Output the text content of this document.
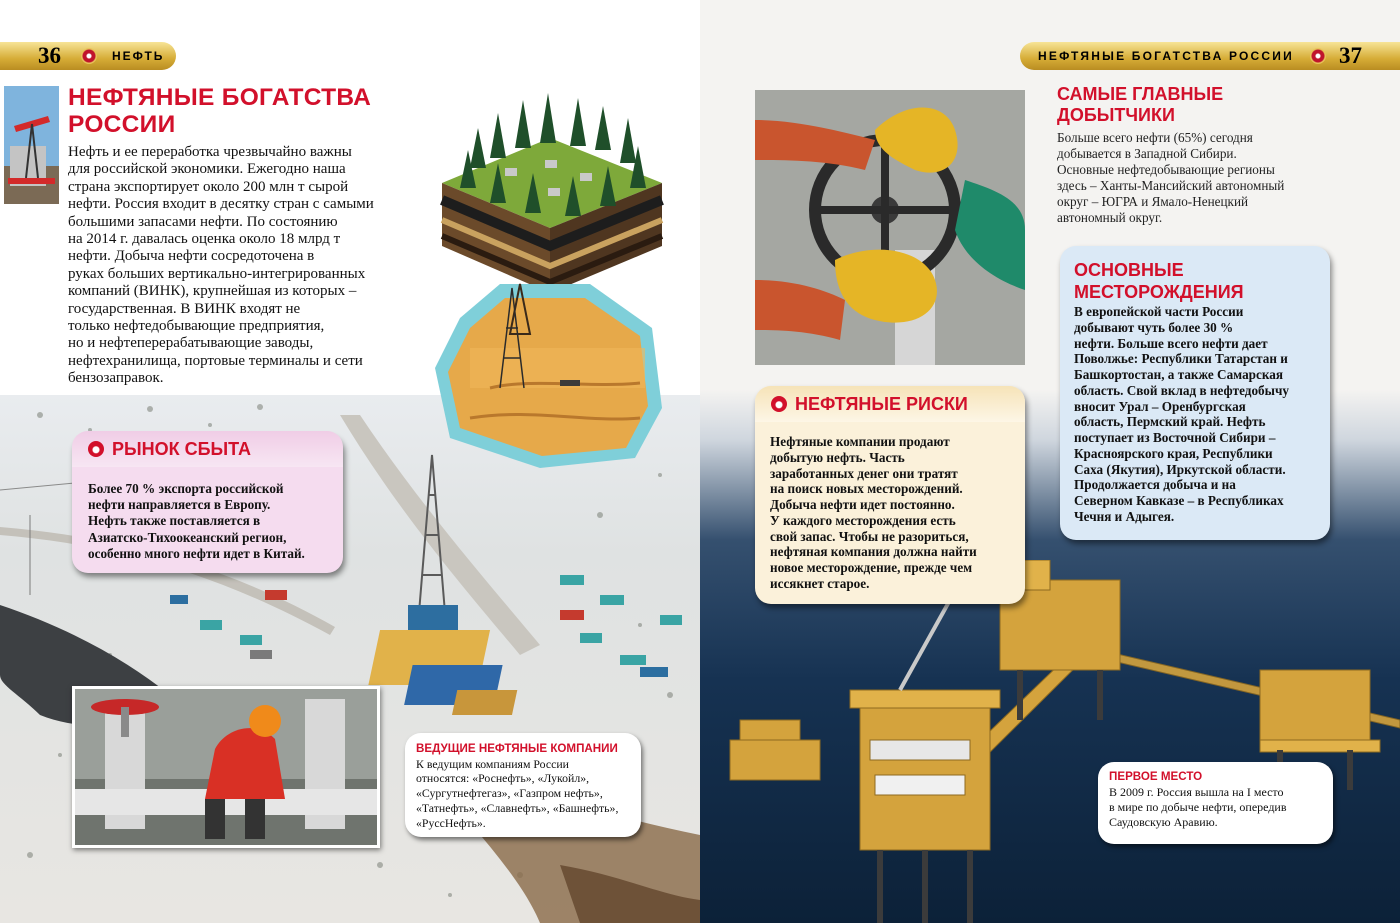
36	НЕФТЬ
НЕФТЯНЫЕ БОГАТСТВА
РОССИИ
Нефть и ее переработка чрезвычайно важны
для российской экономики. Ежегодно наша
страна экспортирует около 200 млн т сырой
нефти. Россия входит в десятку стран с самыми
большими запасами нефти. По состоянию
на 2014 г. давалась оценка около 18 млрд т
нефти. Добыча нефти сосредоточена в
руках больших вертикально-интегрированных
компаний (ВИНК), крупнейшая из которых –
государственная. В ВИНК входят не
только нефтедобывающие предприятия,
но и нефтеперерабатывающие заводы,
нефтехранилища, портовые терминалы и сети
бензозаправок.
РЫНОК СБЫТА
Более 70 % экспорта российской
нефти направляется в Европу.
Нефть также поставляется в
Азиатско-Тихоокеанский регион,
особенно много нефти идет в Китай.
ВЕДУЩИЕ НЕФТЯНЫЕ КОМПАНИИ
К ведущим компаниям России
относятся: «Роснефть», «Лукойл»,
«Сургутнефтегаз», «Газпром нефть»,
«Татнефть», «Славнефть», «Башнефть»,
«РуссНефть».
НЕФТЯНЫЕ БОГАТСТВА РОССИИ 37
САМЫЕ ГЛАВНЫЕ
ДОБЫТЧИКИ
Больше всего нефти (65%) сегодня
добывается в Западной Сибири.
Основные нефтедобывающие регионы
здесь – Ханты-Мансийский автономный
округ – ЮГРА и Ямало-Ненецкий
автономный округ.
ОСНОВНЫЕ
МЕСТОРОЖДЕНИЯ
В европейской части России
добывают чуть более 30 %
нефти. Больше всего нефти дает
Поволжье: Республики Татарстан и
Башкортостан, а также Самарская
область. Свой вклад в нефтедобычу
вносит Урал – Оренбургская
область, Пермский край. Нефть
поступает из Восточной Сибири –
Красноярского края, Республики
Саха (Якутия), Иркутской области.
Продолжается добыча и на
Северном Кавказе – в Республиках
Чечня и Адыгея.
НЕФТЯНЫЕ РИСКИ
Нефтяные компании продают
добытую нефть. Часть
заработанных денег они тратят
на поиск новых месторождений.
Добыча нефти идет постоянно.
У каждого месторождения есть
свой запас. Чтобы не разориться,
нефтяная компания должна найти
новое месторождение, прежде чем
иссякнет старое.
ПЕРВОЕ МЕСТО
В 2009 г. Россия вышла на I место
в мире по добыче нефти, опередив
Саудовскую Аравию.
